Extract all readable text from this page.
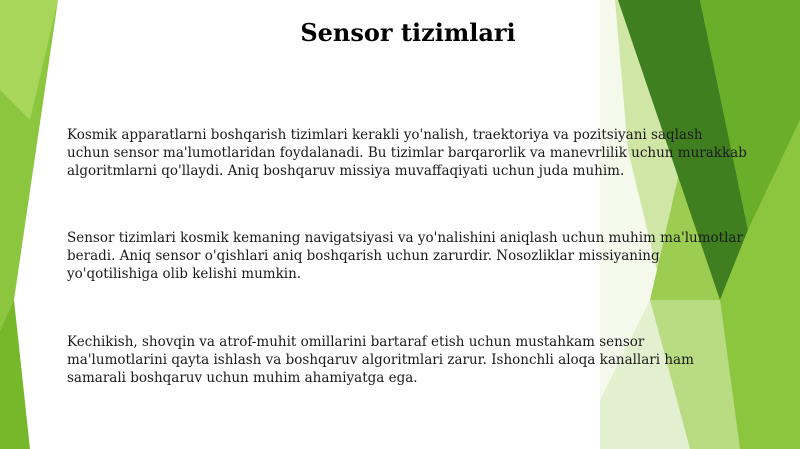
Sensor tizimlari

Kosmik apparatlarni boshqarish tizimlari kerakli yo'nalish, traektoriya va pozitsiyani saqlash uchun sensor ma'lumotlaridan foydalanadi. Bu tizimlar barqarorlik va manevrlilik uchun murakkab algoritmlarni qo'llaydi. Aniq boshqaruv missiya muvaffaqiyati uchun juda muhim.

Sensor tizimlari kosmik kemaning navigatsiyasi va yo'nalishini aniqlash uchun muhim ma'lumotlar beradi. Aniq sensor o'qishlari aniq boshqarish uchun zarurdir. Nosozliklar missiyaning yo'qotilishiga olib kelishi mumkin.

Kechikish, shovqin va atrof-muhit omillarini bartaraf etish uchun mustahkam sensor ma'lumotlarini qayta ishlash va boshqaruv algoritmlari zarur. Ishonchli aloqa kanallari ham samarali boshqaruv uchun muhim ahamiyatga ega.
